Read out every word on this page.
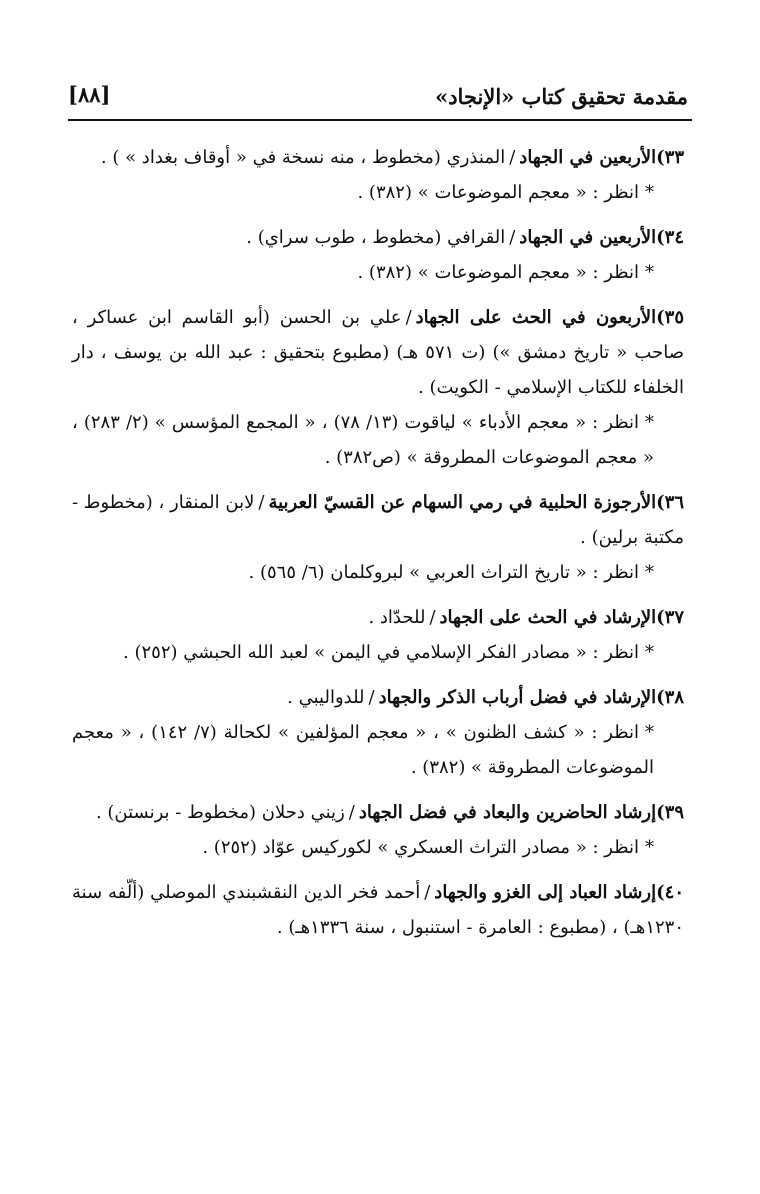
مقدمة تحقيق كتاب «الإنجاد»
[٨٨]
٣٣)الأربعين في الجهاد/المنذري (مخطوط ، منه نسخة في « أوقاف بغداد » ) .
*انظر : « معجم الموضوعات » (٣٨٢) .
٣٤)الأربعين في الجهاد/القرافي (مخطوط ، طوب سراي) .
*انظر : « معجم الموضوعات » (٣٨٢) .
٣٥)الأربعون في الحث على الجهاد/علي بن الحسن (أبو القاسم ابن عساكر ، صاحب « تاريخ دمشق ») (ت ٥٧١ هـ) (مطبوع بتحقيق : عبد الله بن يوسف ، دار الخلفاء للكتاب الإسلامي - الكويت) .
*انظر : « معجم الأدباء » لياقوت (١٣/ ٧٨) ، « المجمع المؤسس » (٢/ ٢٨٣) ، « معجم الموضوعات المطروقة » (ص٣٨٢) .
٣٦)الأرجوزة الحلبية في رمي السهام عن القسيّ العربية/لابن المنقار ، (مخطوط - مكتبة برلين) .
*انظر : « تاريخ التراث العربي » لبروكلمان (٦/ ٥٦٥) .
٣٧)الإرشاد في الحث على الجهاد/للحدّاد .
*انظر : « مصادر الفكر الإسلامي في اليمن » لعبد الله الحبشي (٢٥٢) .
٣٨)الإرشاد في فضل أرباب الذكر والجهاد/للدواليبي .
*انظر : « كشف الظنون » ، « معجم المؤلفين » لكحالة (٧/ ١٤٢) ، « معجم الموضوعات المطروقة » (٣٨٢) .
٣٩)إرشاد الحاضرين والبعاد في فضل الجهاد/زيني دحلان (مخطوط - برنستن) .
*انظر : « مصادر التراث العسكري » لكوركيس عوّاد (٢٥٢) .
٤٠)إرشاد العباد إلى الغزو والجهاد/أحمد فخر الدين النقشبندي الموصلي (ألّفه سنة ١٢٣٠هـ) ، (مطبوع : العامرة - استنبول ، سنة ١٣٣٦هـ) .
